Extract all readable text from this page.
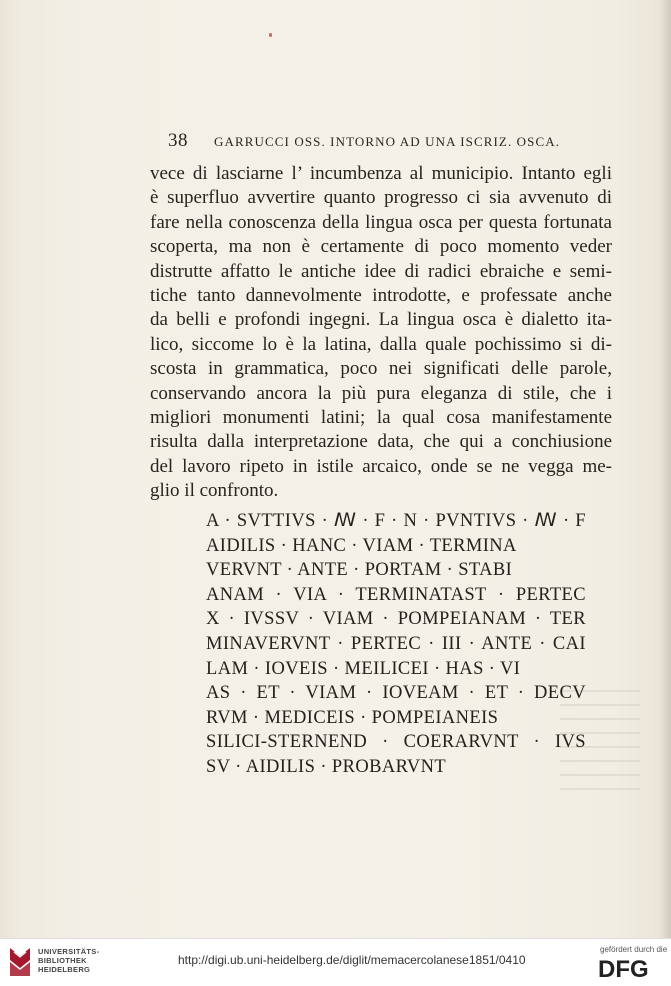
38 GARRUCCI OSS. INTORNO AD UNA ISCRIZ. OSCA.
vece di lasciarne l’ incumbenza al municipio. Intanto egli
è superfluo avvertire quanto progresso ci sia avvenuto di
fare nella conoscenza della lingua osca per questa fortunata
scoperta, ma non è certamente di poco momento veder
distrutte affatto le antiche idee di radici ebraiche e semi-
tiche tanto dannevolmente introdotte, e professate anche
da belli e profondi ingegni. La lingua osca è dialetto ita-
lico, siccome lo è la latina, dalla quale pochissimo si di-
scosta in grammatica, poco nei significati delle parole,
conservando ancora la più pura eleganza di stile, che i
migliori monumenti latini; la qual cosa manifestamente
risulta dalla interpretazione data, che qui a conchiusione
del lavoro ripeto in istile arcaico, onde se ne vegga me-
glio il confronto.
A · SVTTIVS · ꟿ · F · N · PVNTIVS · ꟿ · F
AIDILIS · HANC · VIAM · TERMINA
VERVNT · ANTE · PORTAM · STABI
ANAM · VIA · TERMINATAST · PERTEC
X · IVSSV · VIAM · POMPEIANAM · TER
MINAVERVNT · PERTEC · III · ANTE · CAI
LAM · IOVEIS · MEILICEI · HAS · VI
AS · ET · VIAM · IOVEAM · ET · DECV
RVM · MEDICEIS · POMPEIANEIS
SILICI-STERNEND · COERARVNT · IVS
SV · AIDILIS · PROBARVNT
UNIVERSITÄTS-
BIBLIOTHEK
HEIDELBERG
http://digi.ub.uni-heidelberg.de/diglit/memacercolanese1851/0410
gefördert durch die
DFG
